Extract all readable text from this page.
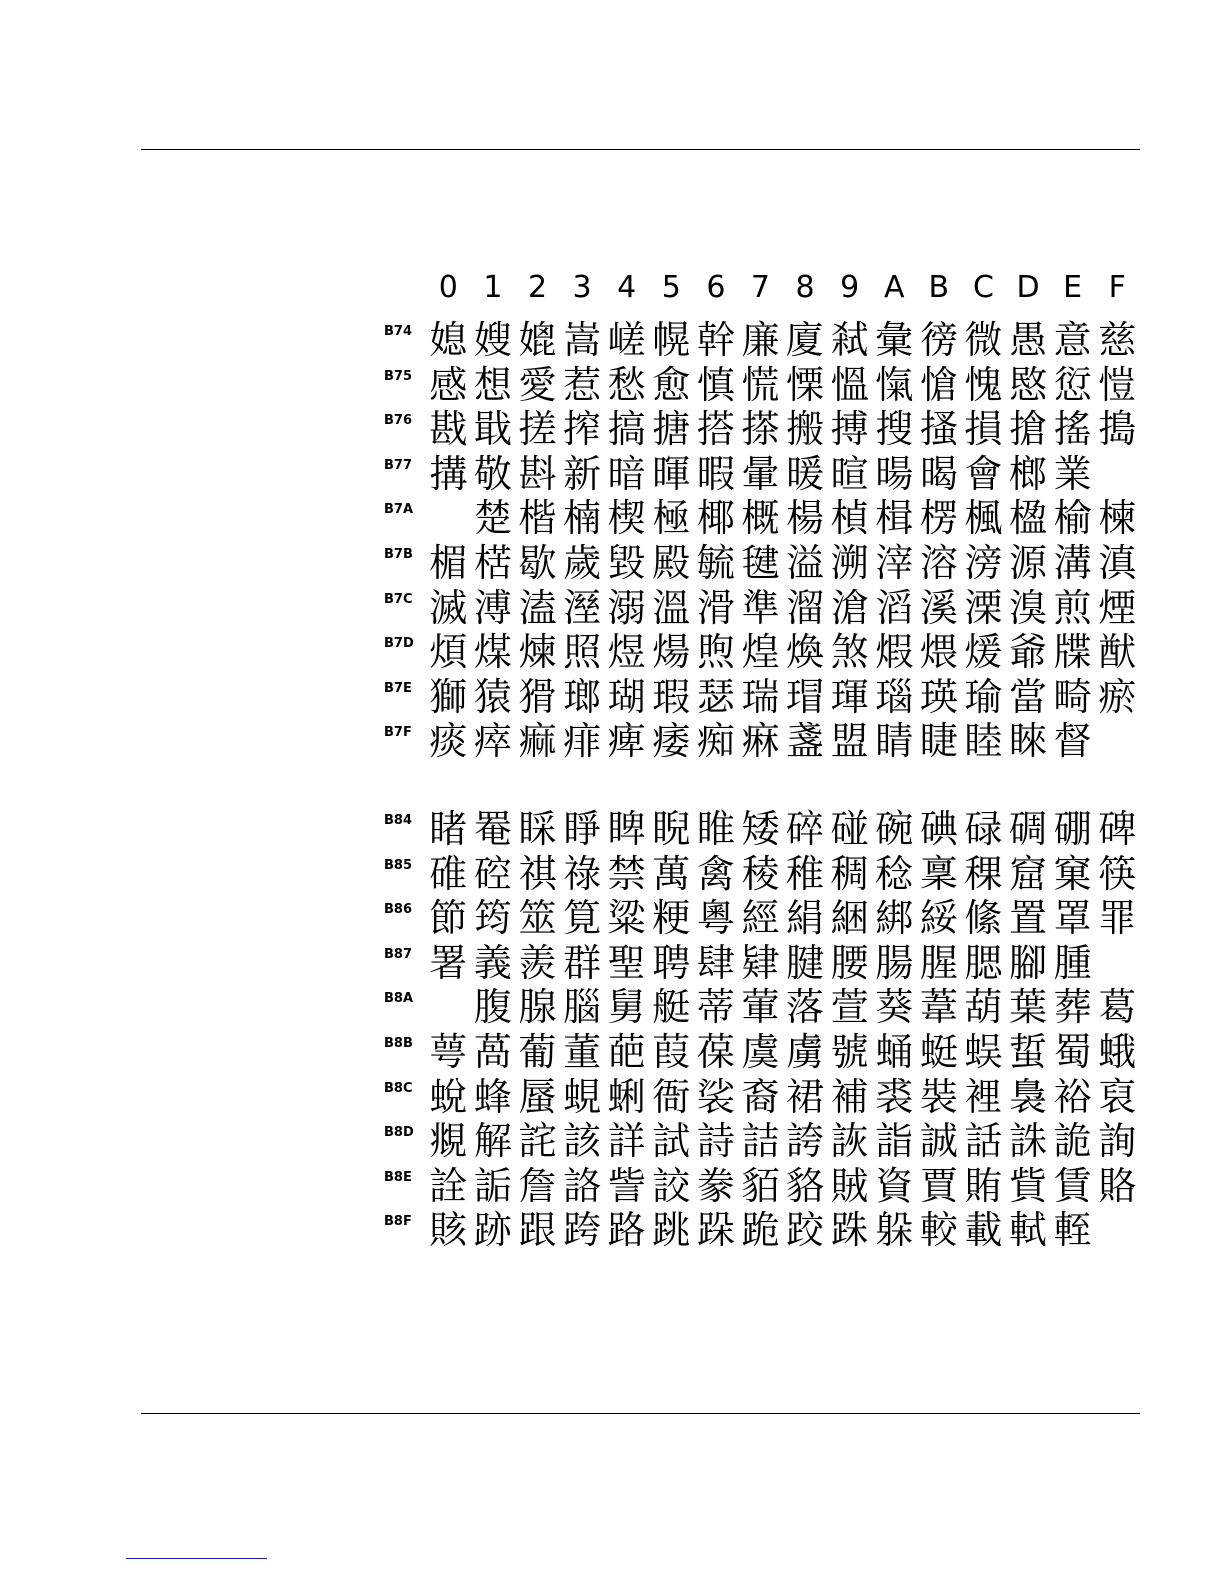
0 1 2 3 4 5 6 7 8 9 A B C D E F
B74 媳 嫂 媲 嵩 嵯 幌 幹 廉 廈 弒 彙 徬 微 愚 意 慈
B75 感 想 愛 惹 愁 愈 慎 慌 慄 慍 愾 愴 愧 愍 愆 愷
B76 戡 戢 搓 搾 搞 搪 搭 搽 搬 搏 搜 搔 損 搶 搖 搗
B77 搆 敬 斟 新 暗 暉 暇 暈 暖 暄 暘 暍 會 榔 業
B7A 楚 楷 楠 楔 極 椰 概 楊 楨 楫 楞 楓 楹 榆 楝
B7B 楣 楛 歇 歲 毀 殿 毓 毽 溢 溯 滓 溶 滂 源 溝 滇
B7C 滅 溥 溘 溼 溺 溫 滑 準 溜 滄 滔 溪 溧 溴 煎 煙
B7D 煩 煤 煉 照 煜 煬 煦 煌 煥 煞 煆 煨 煖 爺 牒 猷
B7E 獅 猿 猾 瑯 瑚 瑕 瑟 瑞 瑁 琿 瑙 瑛 瑜 當 畸 瘀
B7F 痰 瘁 痲 痱 痺 痿 痴 痳 盞 盟 睛 睫 睦 睞 督
B84 睹 罨 睬 睜 睥 睨 睢 矮 碎 碰 碗 碘 碌 碉 硼 碑
B85 碓 硿 祺 祿 禁 萬 禽 稜 稚 稠 稔 稟 稞 窟 窠 筷
B86 節 筠 筮 筧 粱 粳 粵 經 絹 綑 綁 綏 絛 置 罩 罪
B87 署 義 羨 群 聖 聘 肆 肄 腱 腰 腸 腥 腮 腳 腫
B8A 腹 腺 腦 舅 艇 蒂 葷 落 萱 葵 葦 葫 葉 葬 葛
B8B 萼 萵 葡 董 葩 葭 葆 虞 虜 號 蛹 蜓 蜈 蜇 蜀 蛾
B8C 蛻 蜂 蜃 蜆 蜊 衙 裟 裔 裙 補 裘 裝 裡 裊 裕 裒
B8D 覜 解 詫 該 詳 試 詩 詰 誇 詼 詣 誠 話 誅 詭 詢
B8E 詮 詬 詹 詻 訾 詨 豢 貊 貉 賊 資 賈 賄 貲 賃 賂
B8F 賅 跡 跟 跨 路 跳 跺 跪 跤 跦 躲 較 載 軾 輊
